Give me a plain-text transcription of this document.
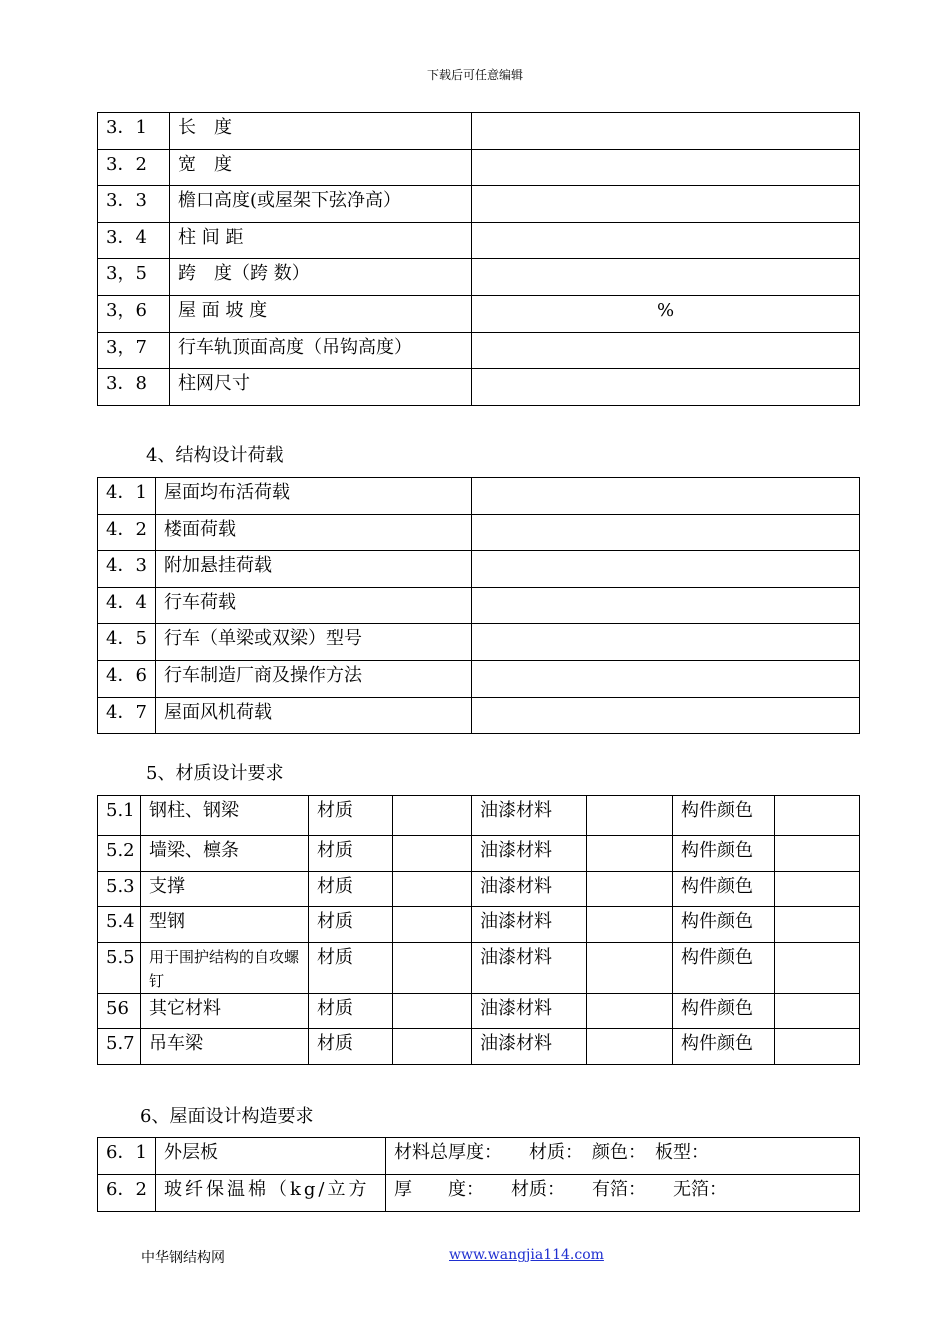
下载后可任意编辑
3．1	长　度	
3．2	宽　度	
3．3	檐口高度(或屋架下弦净高）	
3．4	柱 间 距	
3，5	跨　度（跨 数）	
3，6	屋 面 坡 度	%
3，7	行车轨顶面高度（吊钩高度）	
3．8	柱网尺寸	
4、结构设计荷载
4．1	屋面均布活荷载	
4．2	楼面荷载	
4．3	附加悬挂荷载	
4．4	行车荷载	
4．5	行车（单梁或双梁）型号	
4．6	行车制造厂商及操作方法	
4．7	屋面风机荷载	
5、材质设计要求
5.1	钢柱、钢梁	材质		油漆材料		构件颜色	
5.2	墙梁、檩条	材质		油漆材料		构件颜色	
5.3	支撑	材质		油漆材料		构件颜色	
5.4	型钢	材质		油漆材料		构件颜色	
5.5	用于围护结构的自攻螺钉	材质		油漆材料		构件颜色	
56	其它材料	材质		油漆材料		构件颜色	
5.7	吊车梁	材质		油漆材料		构件颜色	
6、屋面设计构造要求
6．1	外层板	材料总厚度：　　材质：　颜色：　板型：
6．2	玻纤保温棉（kg/立方	厚　　度：　　材质：　　有箔：　　无箔：
中华钢结构网	www.wangjia114.com
